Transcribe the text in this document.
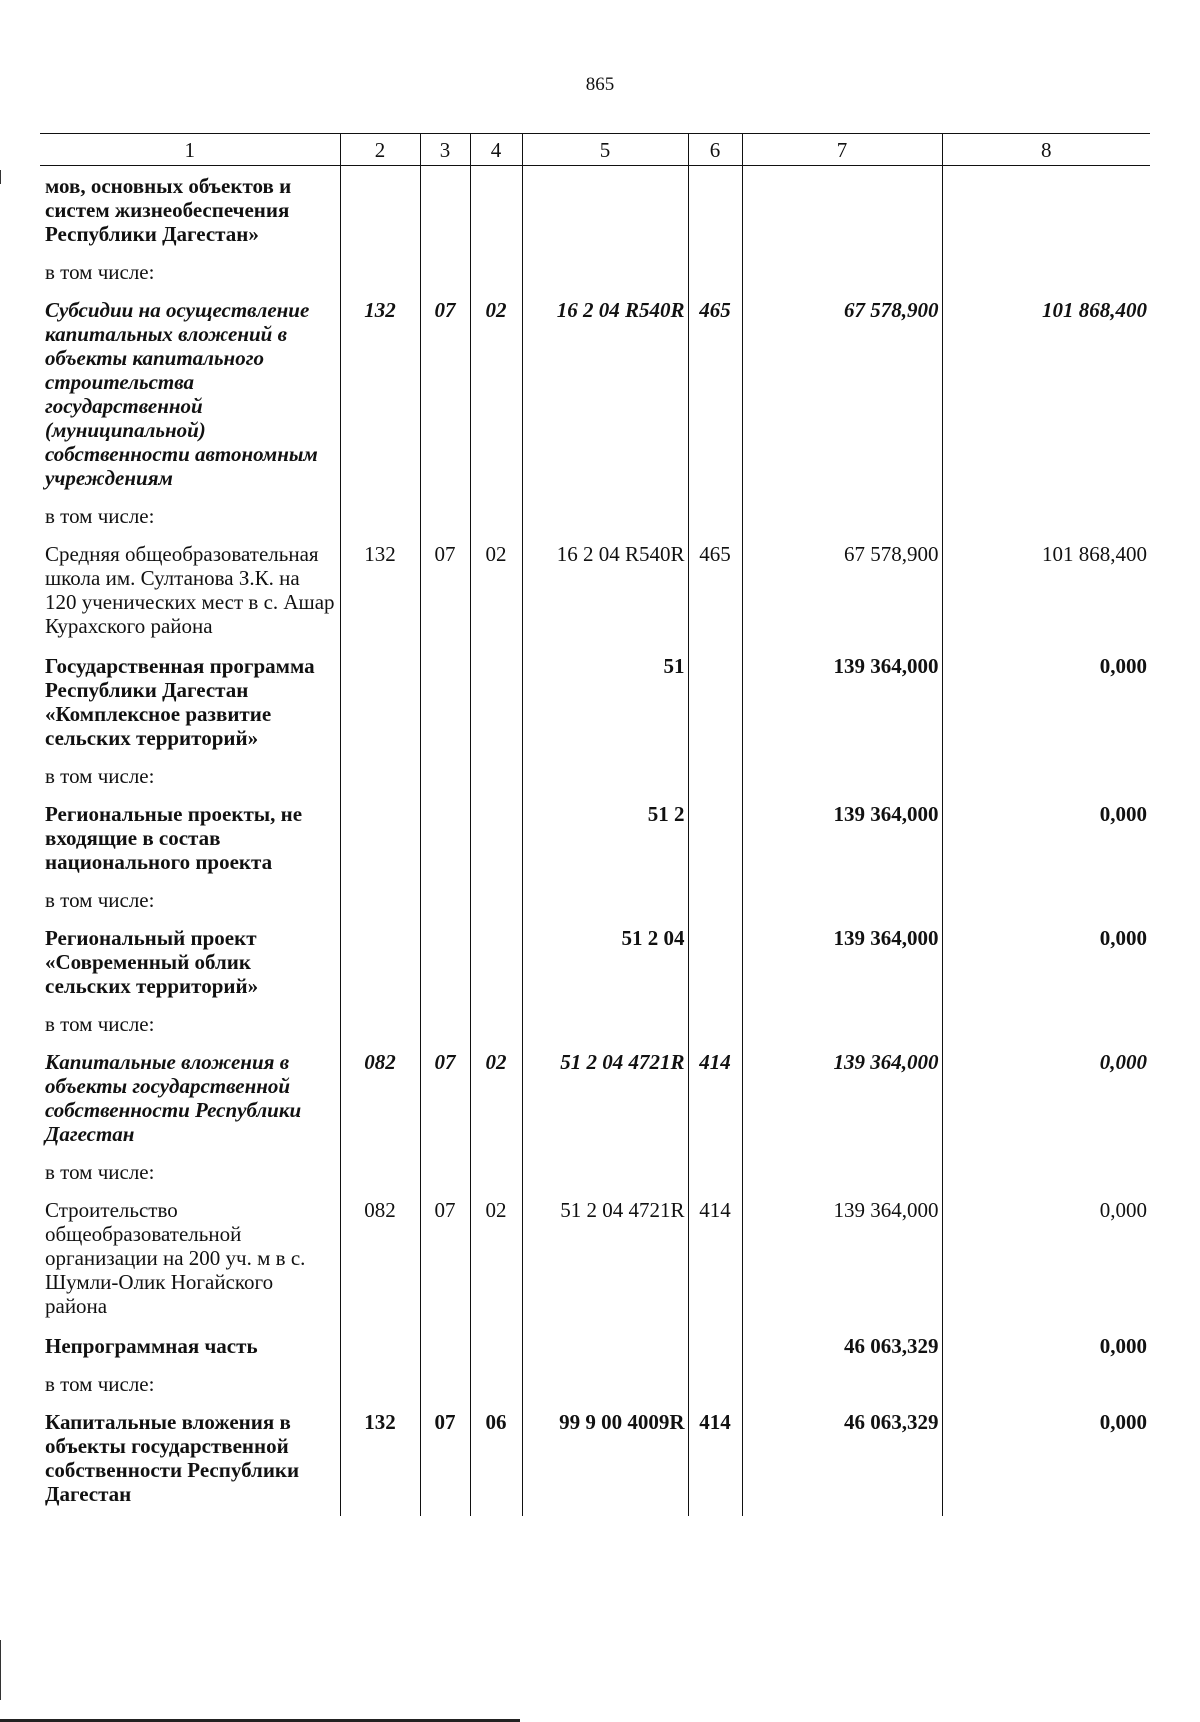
865
1	2	3	4	5	6	7	8
мов, основных объектов и систем жизнеобеспечения Республики Дагестан»							
в том числе:							
Субсидии на осуществление капитальных вложений в объекты капитального строительства государственной (муниципальной) собственности автономным учреждениям	132	07	02	16 2 04 R540R	465	67 578,900	101 868,400
в том числе:							
Средняя общеобразовательная школа им. Султанова З.К. на 120 ученических мест в с. Ашар Курахского района	132	07	02	16 2 04 R540R	465	67 578,900	101 868,400
Государственная программа Республики Дагестан «Комплексное развитие сельских территорий»				51		139 364,000	0,000
в том числе:							
Региональные проекты, не входящие в состав национального проекта				51 2		139 364,000	0,000
в том числе:							
Региональный проект «Современный облик сельских территорий»				51 2 04		139 364,000	0,000
в том числе:							
Капитальные вложения в объекты государственной собственности Республики Дагестан	082	07	02	51 2 04 4721R	414	139 364,000	0,000
в том числе:							
Строительство общеобразовательной организации на 200 уч. м в с. Шумли-Олик Ногайского района	082	07	02	51 2 04 4721R	414	139 364,000	0,000
Непрограммная часть						46 063,329	0,000
в том числе:							
Капитальные вложения в объекты государственной собственности Республики Дагестан	132	07	06	99 9 00 4009R	414	46 063,329	0,000
